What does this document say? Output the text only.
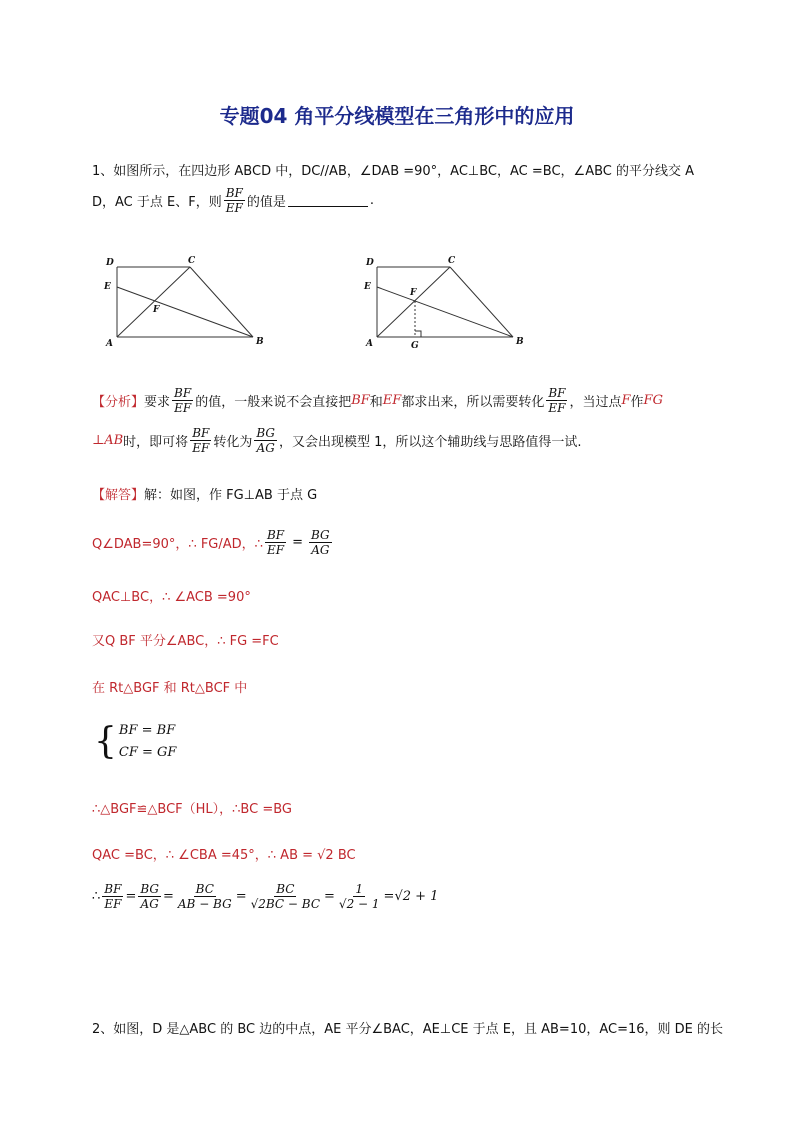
专题04 角平分线模型在三角形中的应用
1、如图所示，在四边形 ABCD 中，DC//AB，∠DAB =90°，AC⊥BC，AC =BC，∠ABC 的平分线交 A
D，AC 于点 E、F，则 $\frac{BF}{EF}$ 的值是	.
D	C
E
F
A	B
D	C
E
F
A	G	B
【分析】 要求 $\frac{BF}{EF}$ 的值，一般来说不会直接把 BF 和 EF 都求出来，所以需要转化 $\frac{BF}{EF}$ ，当过点 F 作 FG
⊥AB 时，即可将 $\frac{BF}{EF}$ 转化为 $\frac{BG}{AG}$ ，又会出现模型 1，所以这个辅助线与思路值得一试.
【解答】解：如图，作 FG⊥AB 于点 G
Q∠DAB=90°，∴ FG/AD，∴ $\frac{BF}{EF} = \frac{BG}{AG}$
QAC⊥BC，∴ ∠ACB =90°
又Q BF 平分∠ABC，∴ FG =FC
在 Rt△BGF 和 Rt△BCF 中
{ BF = BF
CF = GF
∴△BGF≌△BCF（HL），∴BC =BG
QAC =BC，∴ ∠CBA =45°，∴ AB = √2 BC
∴ $\frac{BF}{EF} = \frac{BG}{AG} = \frac{BC}{AB - BG} = \frac{BC}{√2BC - BC} = \frac{1}{√2 - 1} = √2 + 1$
2、如图，D 是△ABC 的 BC 边的中点，AE 平分∠BAC，AE⊥CE 于点 E，且 AB=10，AC=16，则 DE 的长
